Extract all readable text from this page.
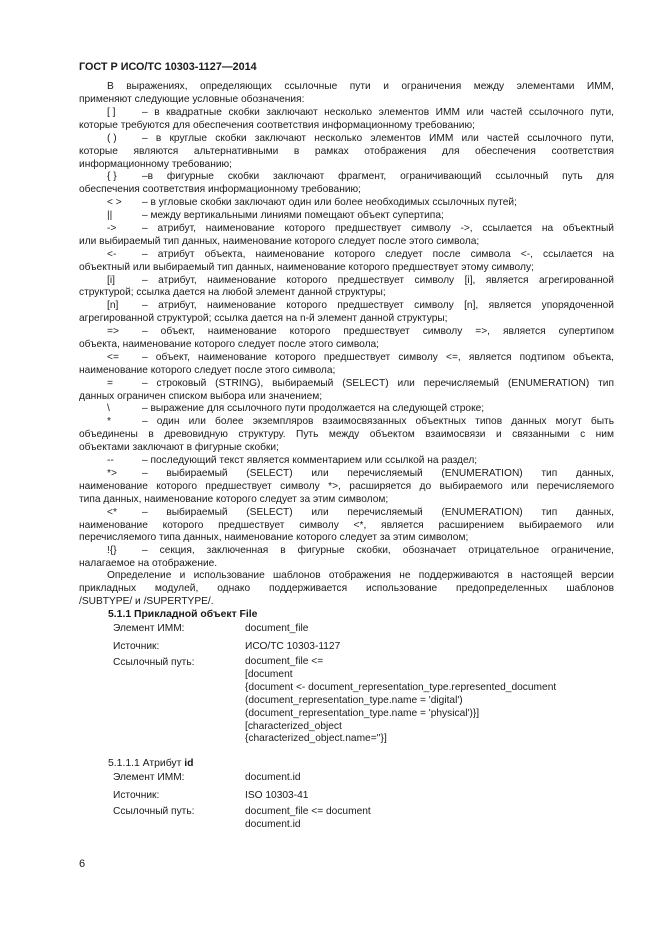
ГОСТ Р ИСО/ТС 10303-1127—2014
В выражениях, определяющих ссылочные пути и ограничения между элементами ИММ,
применяют следующие условные обозначения:
[ ]	– в квадратные скобки заключают несколько элементов ИММ или частей ссылочного пути,
которые требуются для обеспечения соответствия информационному требованию;
( ) – в круглые скобки заключают несколько элементов ИММ или частей ссылочного пути,
которые являются альтернативными в рамках отображения для обеспечения соответствия
информационному требованию;
{ } –в фигурные скобки заключают фрагмент, ограничивающий ссылочный путь для
обеспечения соответствия информационному требованию;
< > – в угловые скобки заключают один или более необходимых ссылочных путей;
||	– между вертикальными линиями помещают объект супертипа;
->	– атрибут, наименование которого предшествует символу ->, ссылается на объектный
или выбираемый тип данных, наименование которого следует после этого символа;
<-	– атрибут объекта, наименование которого следует после символа <-, ссылается на
объектный или выбираемый тип данных, наименование которого предшествует этому символу;
[i]	– атрибут, наименование которого предшествует символу [i], является агрегированной
структурой; ссылка дается на любой элемент данной структуры;
[n] – атрибут, наименование которого предшествует символу [n], является упорядоченной
агрегированной структурой; ссылка дается на n-й элемент данной структуры;
=> – объект, наименование которого предшествует символу =>, является супертипом
объекта, наименование которого следует после этого символа;
<= – объект, наименование которого предшествует символу <=, является подтипом объекта,
наименование которого следует после этого символа;
=	– строковый (STRING), выбираемый (SELECT) или перечисляемый (ENUMERATION) тип
данных ограничен списком выбора или значением;
\	– выражение для ссылочного пути продолжается на следующей строке;
*	– один или более экземпляров взаимосвязанных объектных типов данных могут быть
объединены в древовидную структуру. Путь между объектом взаимосвязи и связанными с ним
объектами заключают в фигурные скобки;
--	– последующий текст является комментарием или ссылкой на раздел;
*> – выбираемый (SELECT) или перечисляемый (ENUMERATION) тип данных,
наименование которого предшествует символу *>, расширяется до выбираемого или перечисляемого
типа данных, наименование которого следует за этим символом;
<* – выбираемый (SELECT) или перечисляемый (ENUMERATION) тип данных,
наименование которого предшествует символу <*, является расширением выбираемого или
перечисляемого типа данных, наименование которого следует за этим символом;
!{} – секция, заключенная в фигурные скобки, обозначает отрицательное ограничение,
налагаемое на отображение.
Определение и использование шаблонов отображения не поддерживаются в настоящей версии
прикладных модулей, однако поддерживается использование предопределенных шаблонов
/SUBTYPE/ и /SUPERTYPE/.
5.1.1 Прикладной объект File
Элемент ИММ:	document_file
Источник:	ИСО/ТС 10303-1127
Ссылочный путь:	document_file <=
[document
{document <- document_representation_type.represented_document
(document_representation_type.name = 'digital')
(document_representation_type.name = 'physical')}]
[characterized_object
{characterized_object.name=''}]
5.1.1.1 Атрибут id
Элемент ИММ:	document.id
Источник:	ISO 10303-41
Ссылочный путь:	document_file <= document
document.id
6
